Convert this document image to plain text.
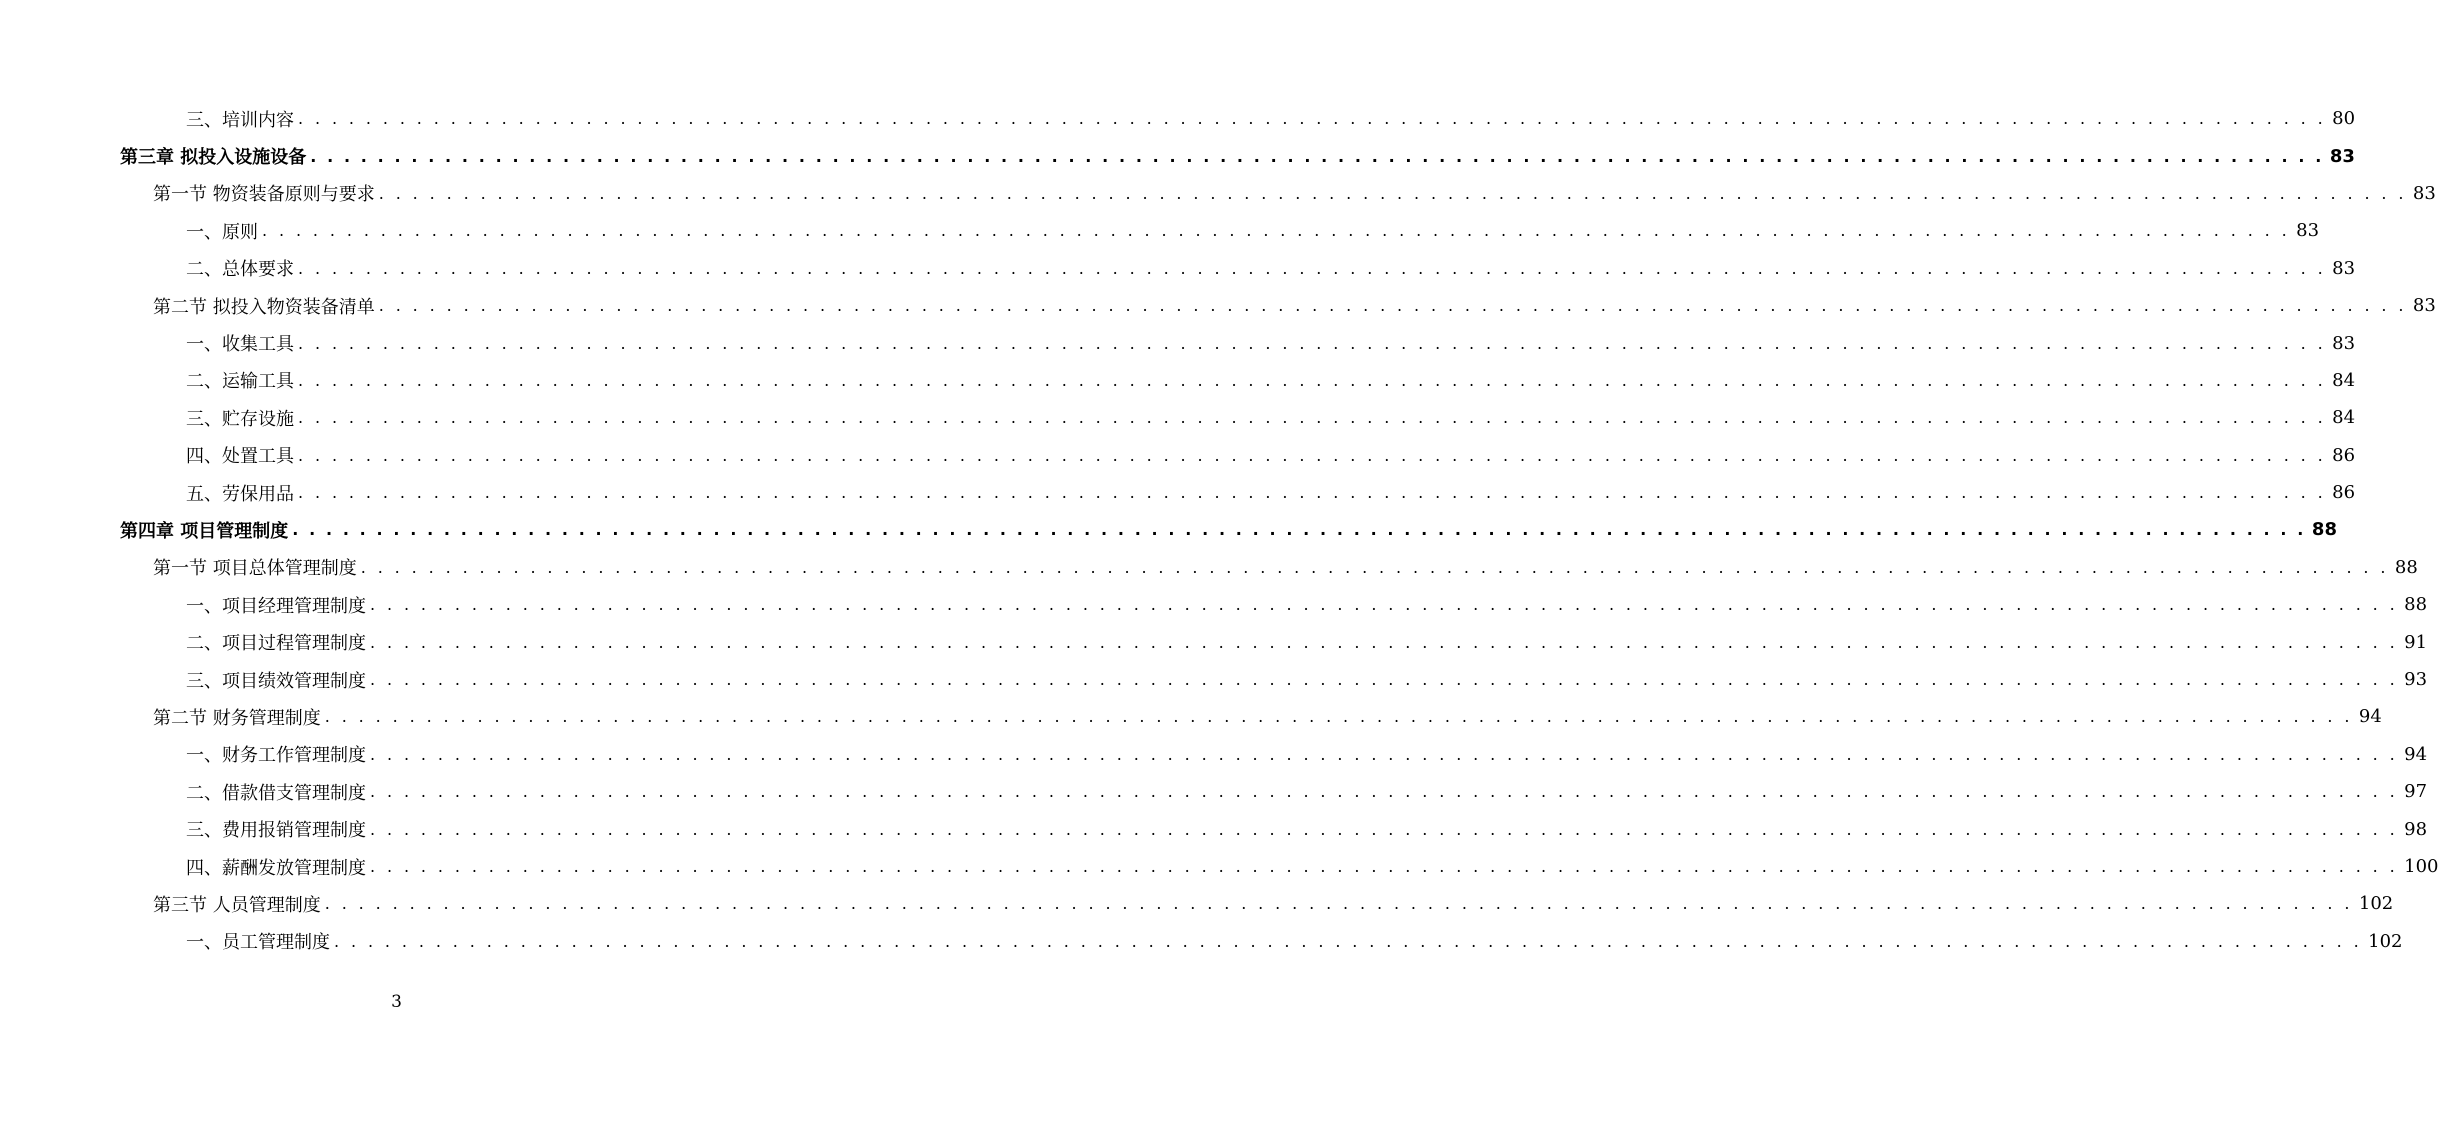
三、培训内容 . . . . . . . . . . . . . . . . . . . . . . . . . . . . . . . . . . . . . . . . . . . . . . . . . . . . . . . . . . . . . . . . . . . . . . . . . . . . . . . . . . . . . . . . . . . . . . . . . . . . . . . . . . . . . . . . . . . . . . . . 80
第三章 拟投入设施设备 . . . . . . . . . . . . . . . . . . . . . . . . . . . . . . . . . . . . . . . . . . . . . . . . . . . . . . . . . . . . . . . . . . . . . . . . . . . . . . . . . . . . . . . . . . . . . . . . . . . . . . . . . . . . . . . . . . . . . . . . 83
第一节 物资装备原则与要求 . . . . . . . . . . . . . . . . . . . . . . . . . . . . . . . . . . . . . . . . . . . . . . . . . . . . . . . . . . . . . . . . . . . . . . . . . . . . . . . . . . . . . . . . . . . . . . . . . . . . . . . . . . . . . . . . . . . . . . . . 83
一、原则 . . . . . . . . . . . . . . . . . . . . . . . . . . . . . . . . . . . . . . . . . . . . . . . . . . . . . . . . . . . . . . . . . . . . . . . . . . . . . . . . . . . . . . . . . . . . . . . . . . . . . . . . . . . . . . . . . . . . . . . . 83
二、总体要求 . . . . . . . . . . . . . . . . . . . . . . . . . . . . . . . . . . . . . . . . . . . . . . . . . . . . . . . . . . . . . . . . . . . . . . . . . . . . . . . . . . . . . . . . . . . . . . . . . . . . . . . . . . . . . . . . . . . . . . . . 83
第二节 拟投入物资装备清单 . . . . . . . . . . . . . . . . . . . . . . . . . . . . . . . . . . . . . . . . . . . . . . . . . . . . . . . . . . . . . . . . . . . . . . . . . . . . . . . . . . . . . . . . . . . . . . . . . . . . . . . . . . . . . . . . . . . . . . . . 83
一、收集工具 . . . . . . . . . . . . . . . . . . . . . . . . . . . . . . . . . . . . . . . . . . . . . . . . . . . . . . . . . . . . . . . . . . . . . . . . . . . . . . . . . . . . . . . . . . . . . . . . . . . . . . . . . . . . . . . . . . . . . . . . 83
二、运输工具 . . . . . . . . . . . . . . . . . . . . . . . . . . . . . . . . . . . . . . . . . . . . . . . . . . . . . . . . . . . . . . . . . . . . . . . . . . . . . . . . . . . . . . . . . . . . . . . . . . . . . . . . . . . . . . . . . . . . . . . . 84
三、贮存设施 . . . . . . . . . . . . . . . . . . . . . . . . . . . . . . . . . . . . . . . . . . . . . . . . . . . . . . . . . . . . . . . . . . . . . . . . . . . . . . . . . . . . . . . . . . . . . . . . . . . . . . . . . . . . . . . . . . . . . . . . 84
四、处置工具 . . . . . . . . . . . . . . . . . . . . . . . . . . . . . . . . . . . . . . . . . . . . . . . . . . . . . . . . . . . . . . . . . . . . . . . . . . . . . . . . . . . . . . . . . . . . . . . . . . . . . . . . . . . . . . . . . . . . . . . . 86
五、劳保用品 . . . . . . . . . . . . . . . . . . . . . . . . . . . . . . . . . . . . . . . . . . . . . . . . . . . . . . . . . . . . . . . . . . . . . . . . . . . . . . . . . . . . . . . . . . . . . . . . . . . . . . . . . . . . . . . . . . . . . . . . 86
第四章 项目管理制度 . . . . . . . . . . . . . . . . . . . . . . . . . . . . . . . . . . . . . . . . . . . . . . . . . . . . . . . . . . . . . . . . . . . . . . . . . . . . . . . . . . . . . . . . . . . . . . . . . . . . . . . . . . . . . . . . . . . . . . . . 88
第一节 项目总体管理制度 . . . . . . . . . . . . . . . . . . . . . . . . . . . . . . . . . . . . . . . . . . . . . . . . . . . . . . . . . . . . . . . . . . . . . . . . . . . . . . . . . . . . . . . . . . . . . . . . . . . . . . . . . . . . . . . . . . . . . . . . 88
一、项目经理管理制度 . . . . . . . . . . . . . . . . . . . . . . . . . . . . . . . . . . . . . . . . . . . . . . . . . . . . . . . . . . . . . . . . . . . . . . . . . . . . . . . . . . . . . . . . . . . . . . . . . . . . . . . . . . . . . . . . . . . . . . . . 88
二、项目过程管理制度 . . . . . . . . . . . . . . . . . . . . . . . . . . . . . . . . . . . . . . . . . . . . . . . . . . . . . . . . . . . . . . . . . . . . . . . . . . . . . . . . . . . . . . . . . . . . . . . . . . . . . . . . . . . . . . . . . . . . . . . . 91
三、项目绩效管理制度 . . . . . . . . . . . . . . . . . . . . . . . . . . . . . . . . . . . . . . . . . . . . . . . . . . . . . . . . . . . . . . . . . . . . . . . . . . . . . . . . . . . . . . . . . . . . . . . . . . . . . . . . . . . . . . . . . . . . . . . . 93
第二节 财务管理制度 . . . . . . . . . . . . . . . . . . . . . . . . . . . . . . . . . . . . . . . . . . . . . . . . . . . . . . . . . . . . . . . . . . . . . . . . . . . . . . . . . . . . . . . . . . . . . . . . . . . . . . . . . . . . . . . . . . . . . . . . 94
一、财务工作管理制度 . . . . . . . . . . . . . . . . . . . . . . . . . . . . . . . . . . . . . . . . . . . . . . . . . . . . . . . . . . . . . . . . . . . . . . . . . . . . . . . . . . . . . . . . . . . . . . . . . . . . . . . . . . . . . . . . . . . . . . . . 94
二、借款借支管理制度 . . . . . . . . . . . . . . . . . . . . . . . . . . . . . . . . . . . . . . . . . . . . . . . . . . . . . . . . . . . . . . . . . . . . . . . . . . . . . . . . . . . . . . . . . . . . . . . . . . . . . . . . . . . . . . . . . . . . . . . . 97
三、费用报销管理制度 . . . . . . . . . . . . . . . . . . . . . . . . . . . . . . . . . . . . . . . . . . . . . . . . . . . . . . . . . . . . . . . . . . . . . . . . . . . . . . . . . . . . . . . . . . . . . . . . . . . . . . . . . . . . . . . . . . . . . . . . 98
四、薪酬发放管理制度 . . . . . . . . . . . . . . . . . . . . . . . . . . . . . . . . . . . . . . . . . . . . . . . . . . . . . . . . . . . . . . . . . . . . . . . . . . . . . . . . . . . . . . . . . . . . . . . . . . . . . . . . . . . . . . . . . . . . . . . . 100
第三节 人员管理制度 . . . . . . . . . . . . . . . . . . . . . . . . . . . . . . . . . . . . . . . . . . . . . . . . . . . . . . . . . . . . . . . . . . . . . . . . . . . . . . . . . . . . . . . . . . . . . . . . . . . . . . . . . . . . . . . . . . . . . . . . 102
一、员工管理制度 . . . . . . . . . . . . . . . . . . . . . . . . . . . . . . . . . . . . . . . . . . . . . . . . . . . . . . . . . . . . . . . . . . . . . . . . . . . . . . . . . . . . . . . . . . . . . . . . . . . . . . . . . . . . . . . . . . . . . . . . 102
3
